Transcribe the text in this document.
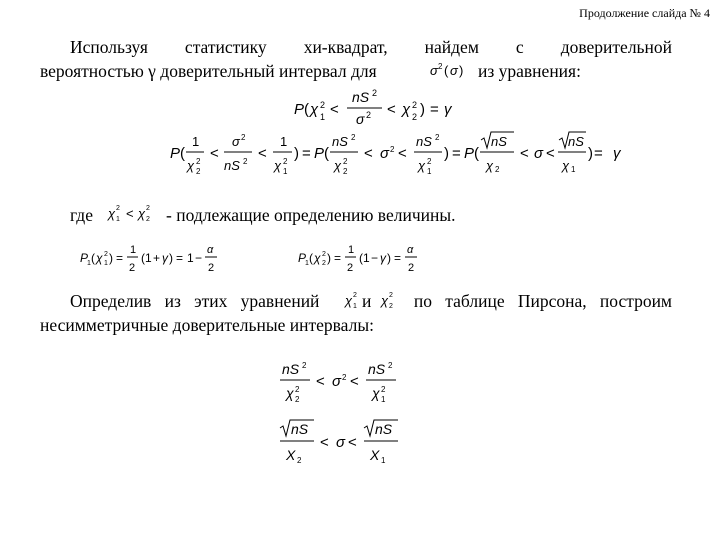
Продолжение слайда № 4
Используя статистику хи-квадрат, найдем с доверительной
вероятностью γ доверительный интервал для	σ 2 ( σ ) из уравнения:
P ( χ 2
1 <
nS 2
σ 2 < χ 2
2 ) = γ
P (
1
χ 2
2
<
σ 2
nS 2 <
1
χ 2
1
) = P (
nS 2
χ 2
2
< σ 2 <
nS 2
χ 2
1
) = P (
nS
χ 2
< σ <
nS
χ 1
) = γ
где χ 2
1 < χ 2
2 - подлежащие определению величины.
P
1 ( χ 2
1 ) =
1
2
(1 + γ ) = 1 −
α
2
P
1 ( χ 2
2 ) =
1
2
(1 − γ ) =
α
2
Определив из этих уравнений и по таблице Пирсона, построим
χ 2
1 χ 2
2
несимметричные доверительные интервалы:
nS 2
χ 2
2
< σ 2 <
nS 2
χ 2
1
nS
X 2
< σ <
nS
X 1
